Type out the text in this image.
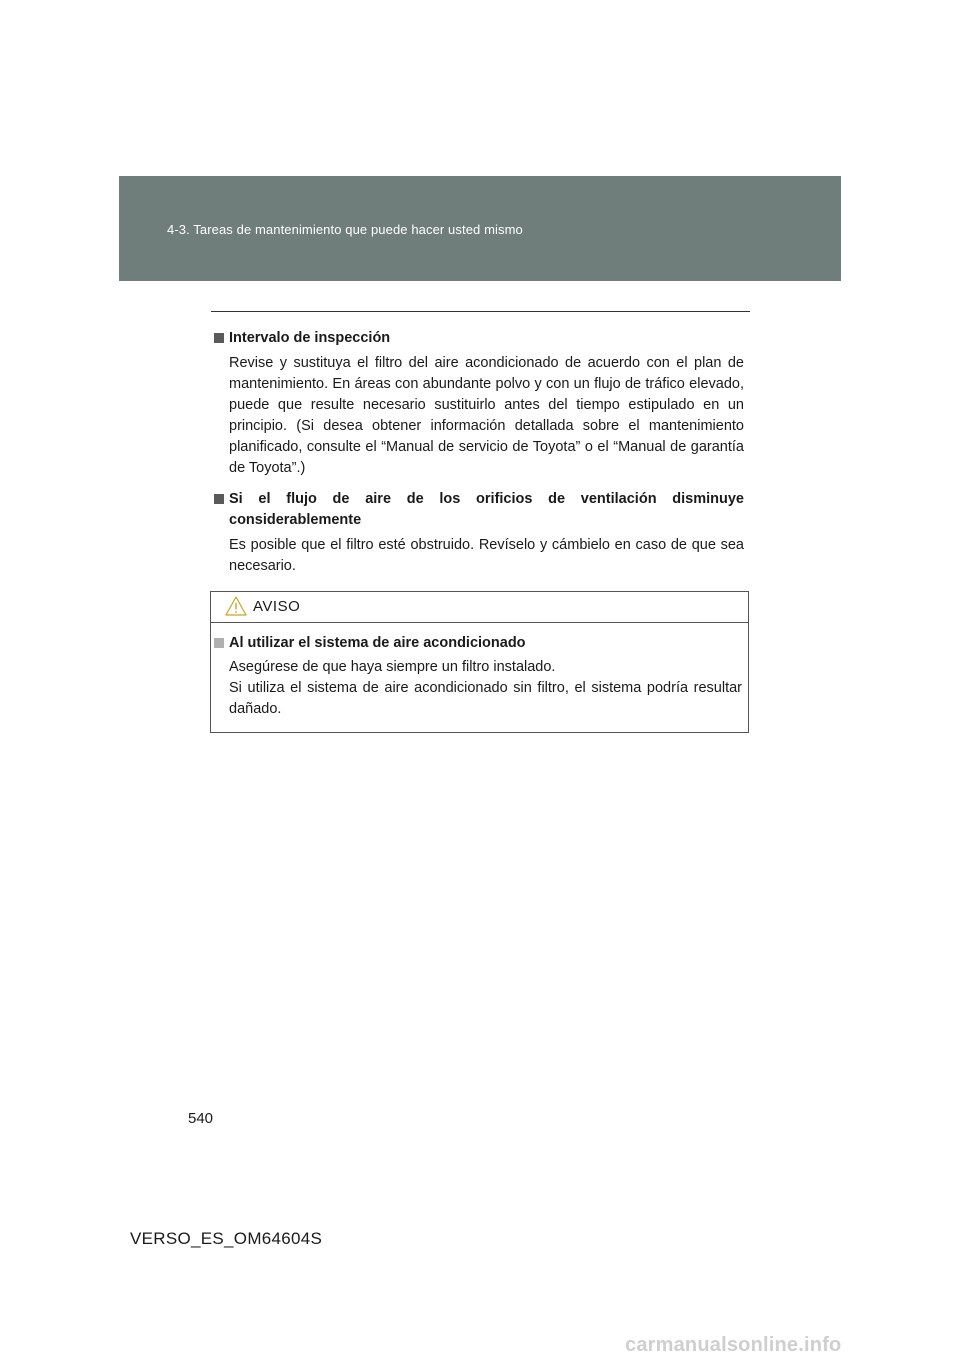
4-3. Tareas de mantenimiento que puede hacer usted mismo
Intervalo de inspección
Revise y sustituya el filtro del aire acondicionado de acuerdo con el plan de mantenimiento. En áreas con abundante polvo y con un flujo de tráfico elevado, puede que resulte necesario sustituirlo antes del tiempo estipulado en un principio. (Si desea obtener información detallada sobre el mantenimiento planificado, consulte el “Manual de servicio de Toyota” o el “Manual de garantía de Toyota”.)
Si el flujo de aire de los orificios de ventilación disminuye considerablemente
Es posible que el filtro esté obstruido. Revíselo y cámbielo en caso de que sea necesario.
AVISO
Al utilizar el sistema de aire acondicionado
Asegúrese de que haya siempre un filtro instalado.
Si utiliza el sistema de aire acondicionado sin filtro, el sistema podría resultar dañado.
540
VERSO_ES_OM64604S
carmanualsonline.info
